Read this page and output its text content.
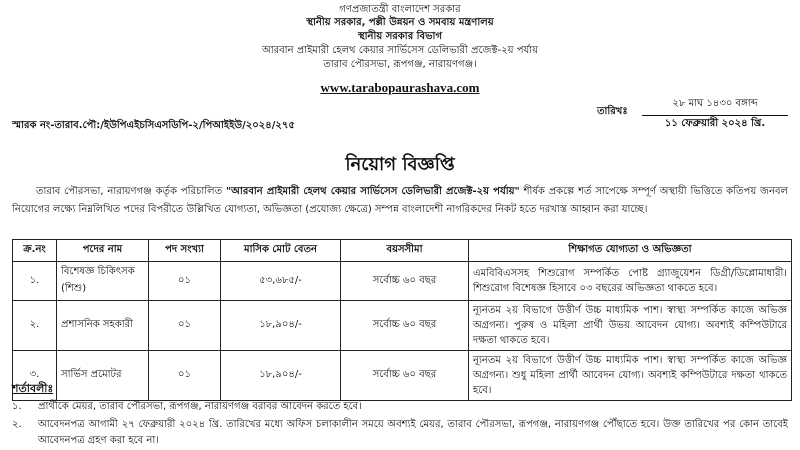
গণপ্রজাতন্ত্রী বাংলাদেশ সরকার
স্থানীয় সরকার, পল্লী উন্নয়ন ও সমবায় মন্ত্রণালয়
স্থানীয় সরকার বিভাগ
আরবান প্রাইমারী হেলথ কেয়ার সার্ভিসেস ডেলিভারী প্রজেক্ট-২য় পর্যায়
তারাব পৌরসভা, রূপগঞ্জ, নারায়ণগঞ্জ।
www.tarabopaurashava.com
তারিখঃ
২৮ মাঘ ১৪৩০ বঙ্গাব্দ
১১ ফেব্রুয়ারী ২০২৪ খ্রি.
স্মারক নং-তারাব.পৌ:/ইউপিএইচসিএসডিপি-২/পিআইইউ/২০২৪/২৭৫
নিয়োগ বিজ্ঞপ্তি

তারাব পৌরসভা, নারায়ণগঞ্জ কর্তৃক পরিচালিত "আরবান প্রাইমারী হেলথ কেয়ার সার্ভিসেস ডেলিভারী প্রজেক্ট-২য় পর্যায়" শীর্ষক প্রকল্পে শর্ত সাপেক্ষে সম্পূর্ণ অস্থায়ী ভিত্তিতে কতিপয় জনবল নিয়োগের লক্ষ্যে নিম্নলিখিত পদের বিপরীতে উল্লিখিত যোগ্যতা, অভিজ্ঞতা (প্রযোজ্য ক্ষেত্রে) সম্পন্ন বাংলাদেশী নাগরিকদের নিকট হতে দরখাস্ত আহ্বান করা যাচ্ছে।

ক্র.নং	পদের নাম	পদ সংখ্যা	মাসিক মোট বেতন	বয়সসীমা	শিক্ষাগত যোগ্যতা ও অভিজ্ঞতা
১.	বিশেষজ্ঞ চিকিৎসক (শিশু)	০১	৫৩,৬৮৫/-	সর্বোচ্চ ৬০ বছর	এমবিবিএসসহ শিশুরোগ সম্পর্কিত পোষ্ট গ্র্যাজুয়েশন ডিগ্রী/ডিপ্লোমাধারী। শিশুরোগ বিশেষজ্ঞ হিসাবে ০৩ বছরের অভিজ্ঞতা থাকতে হবে।
২.	প্রশাসনিক সহকারী	০১	১৮,৯০৪/-	সর্বোচ্চ ৬০ বছর	ন্যূনতম ২য় বিভাগে উত্তীর্ণ উচ্চ মাধ্যমিক পাশ। স্বাস্থ্য সম্পর্কিত কাজে অভিজ্ঞ অগ্রগন্য। পুরুষ ও মহিলা প্রার্থী উভয় আবেদন যোগ্য। অবশ্যই কম্পিউটারে দক্ষতা থাকতে হবে।
৩.	সার্ভিস প্রমোটর	০১	১৮,৯০৪/-	সর্বোচ্চ ৬০ বছর	ন্যূনতম ২য় বিভাগে উত্তীর্ণ উচ্চ মাধ্যমিক পাশ। স্বাস্থ্য সম্পর্কিত কাজে অভিজ্ঞ অগ্রগন্য। শুধু মহিলা প্রার্থী আবেদন যোগ্য। অবশ্যই কম্পিউটারে দক্ষতা থাকতে হবে।
শর্তাবলীঃ
১.	প্রার্থীকে মেয়র, তারাব পৌরসভা, রূপগঞ্জ, নারায়ণগঞ্জ বরাবর আবেদন করতে হবে।
২.	আবেদনপত্র আগামী ২৭ ফেব্রুয়ারী ২০২৪ খ্রি. তারিখের মধ্যে অফিস চলাকালীন সময়ে অবশ্যই মেয়র, তারাব পৌরসভা, রূপগঞ্জ, নারায়ণগঞ্জ পৌঁছাতে হবে। উক্ত তারিখের পর কোন তাবেই আবেদনপত্র গ্রহণ করা হবে না।
